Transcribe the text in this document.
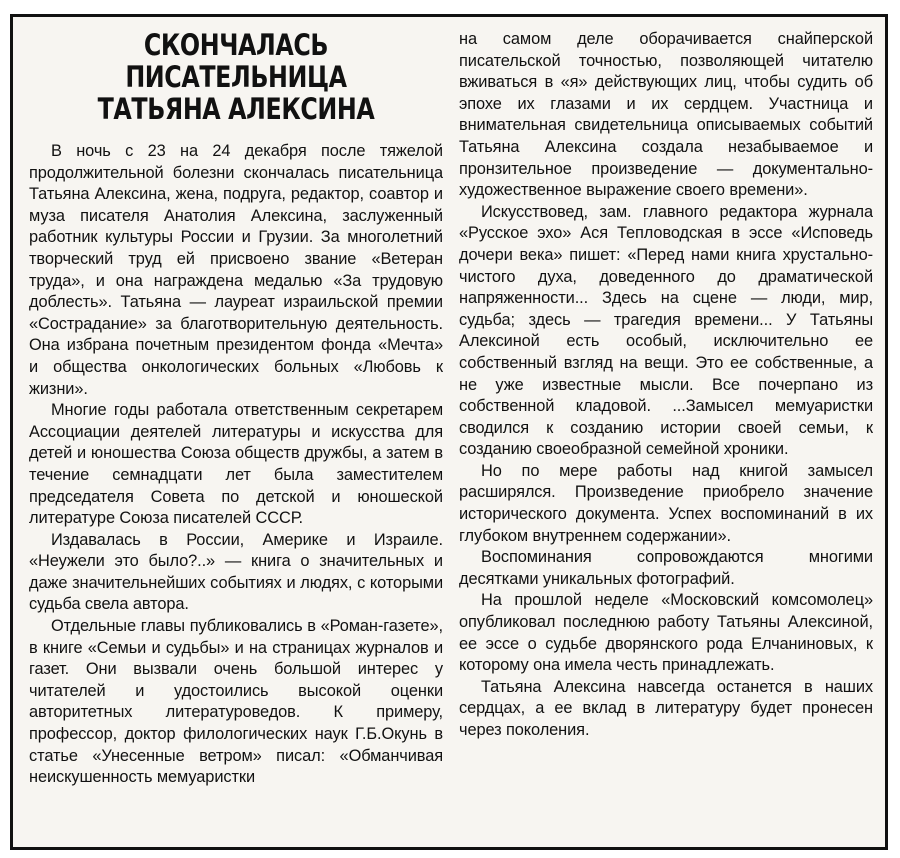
СКОНЧАЛАСЬ ПИСАТЕЛЬНИЦА
ТАТЬЯНА АЛЕКСИНА

В ночь с 23 на 24 декабря после тяжелой продолжительной болезни скончалась писательница Татьяна Алексина, жена, подруга, редактор, соавтор и муза писателя Анатолия Алексина, заслуженный работник культуры России и Грузии. За многолетний творческий труд ей присвоено звание «Ветеран труда», и она награждена медалью «За трудовую доблесть». Татьяна — лауреат израильской премии «Сострадание» за благотворительную деятельность. Она избрана почетным президентом фонда «Мечта» и общества онкологических больных «Любовь к жизни».

Многие годы работала ответственным секретарем Ассоциации деятелей литературы и искусства для детей и юношества Союза обществ дружбы, а затем в течение семнадцати лет была заместителем председателя Совета по детской и юношеской литературе Союза писателей СССР.

Издавалась в России, Америке и Израиле. «Неужели это было?..» — книга о значительных и даже значительнейших событиях и людях, с которыми судьба свела автора.

Отдельные главы публиковались в «Роман-газете», в книге «Семьи и судьбы» и на страницах журналов и газет. Они вызвали очень большой интерес у читателей и удостоились высокой оценки авторитетных литературоведов. К примеру, профессор, доктор филологических наук Г.Б.Окунь в статье «Унесенные ветром» писал: «Обманчивая неискушенность мемуаристки

на самом деле оборачивается снайперской писательской точностью, позволяющей читателю вживаться в «я» действующих лиц, чтобы судить об эпохе их глазами и их сердцем. Участница и внимательная свидетельница описываемых событий Татьяна Алексина создала незабываемое и пронзительное произведение — документально-художественное выражение своего времени».

Искусствовед, зам. главного редактора журнала «Русское эхо» Ася Тепловодская в эссе «Исповедь дочери века» пишет: «Перед нами книга хрустально-чистого духа, доведенного до драматической напряженности... Здесь на сцене — люди, мир, судьба; здесь — трагедия времени... У Татьяны Алексиной есть особый, исключительно ее собственный взгляд на вещи. Это ее собственные, а не уже известные мысли. Все почерпано из собственной кладовой. ...Замысел мемуаристки сводился к созданию истории своей семьи, к созданию своеобразной семейной хроники.

Но по мере работы над книгой замысел расширялся. Произведение приобрело значение исторического документа. Успех воспоминаний в их глубоком внутреннем содержании».

Воспоминания сопровождаются многими десятками уникальных фотографий.

На прошлой неделе «Московский комсомолец» опубликовал последнюю работу Татьяны Алексиной, ее эссе о судьбе дворянского рода Елчаниновых, к которому она имела честь принадлежать.

Татьяна Алексина навсегда останется в наших сердцах, а ее вклад в литературу будет пронесен через поколения.
